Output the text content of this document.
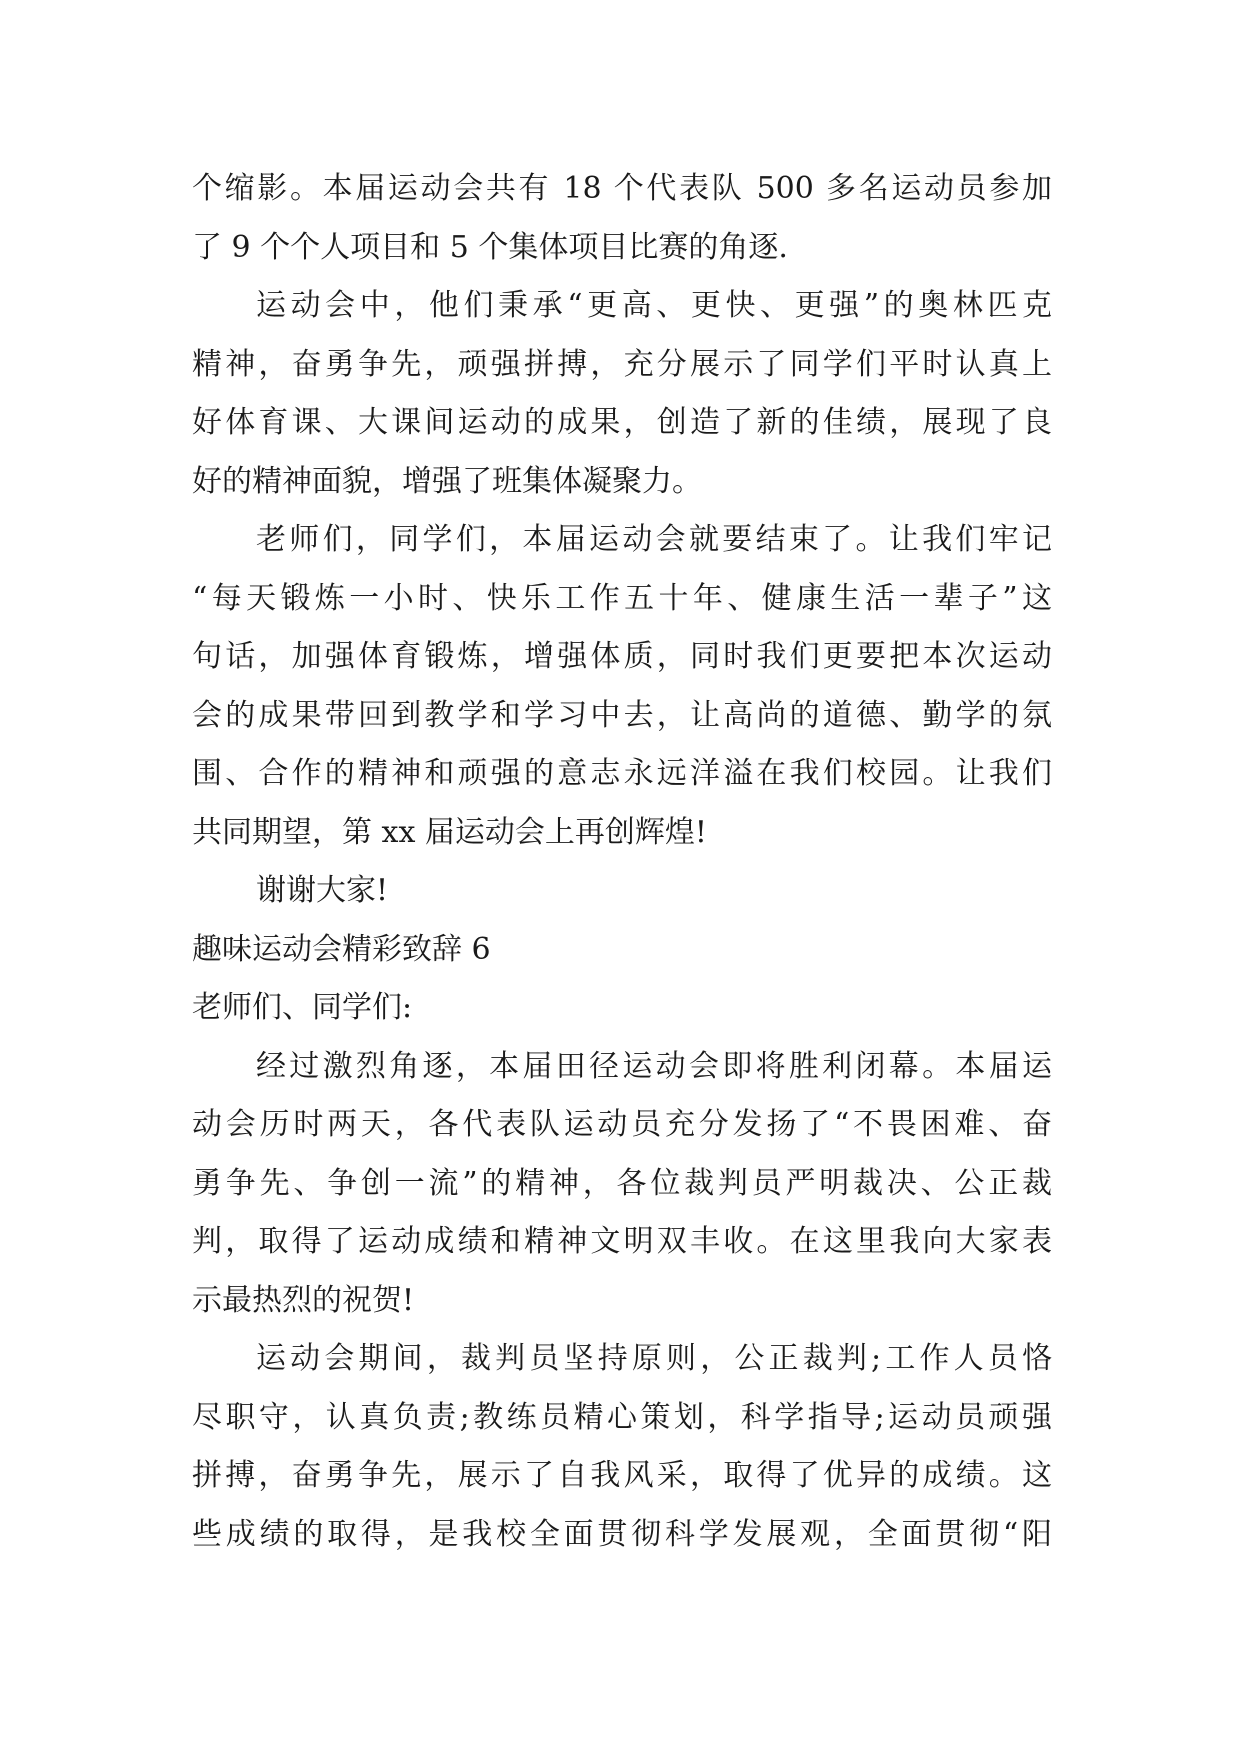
个缩影。本届运动会共有 18 个代表队 500 多名运动员参加
了 9 个个人项目和 5 个集体项目比赛的角逐.
运动会中，他们秉承“更高、更快、更强”的奥林匹克
精神，奋勇争先，顽强拼搏，充分展示了同学们平时认真上
好体育课、大课间运动的成果，创造了新的佳绩，展现了良
好的精神面貌，增强了班集体凝聚力。
老师们，同学们，本届运动会就要结束了。让我们牢记
“每天锻炼一小时、快乐工作五十年、健康生活一辈子”这
句话，加强体育锻炼，增强体质，同时我们更要把本次运动
会的成果带回到教学和学习中去，让高尚的道德、勤学的氛
围、合作的精神和顽强的意志永远洋溢在我们校园。让我们
共同期望，第 xx 届运动会上再创辉煌!
谢谢大家!
趣味运动会精彩致辞 6
老师们、同学们:
经过激烈角逐，本届田径运动会即将胜利闭幕。本届运
动会历时两天，各代表队运动员充分发扬了“不畏困难、奋
勇争先、争创一流”的精神，各位裁判员严明裁决、公正裁
判，取得了运动成绩和精神文明双丰收。在这里我向大家表
示最热烈的祝贺!
运动会期间，裁判员坚持原则，公正裁判;工作人员恪
尽职守，认真负责;教练员精心策划，科学指导;运动员顽强
拼搏，奋勇争先，展示了自我风采，取得了优异的成绩。这
些成绩的取得，是我校全面贯彻科学发展观，全面贯彻“阳
